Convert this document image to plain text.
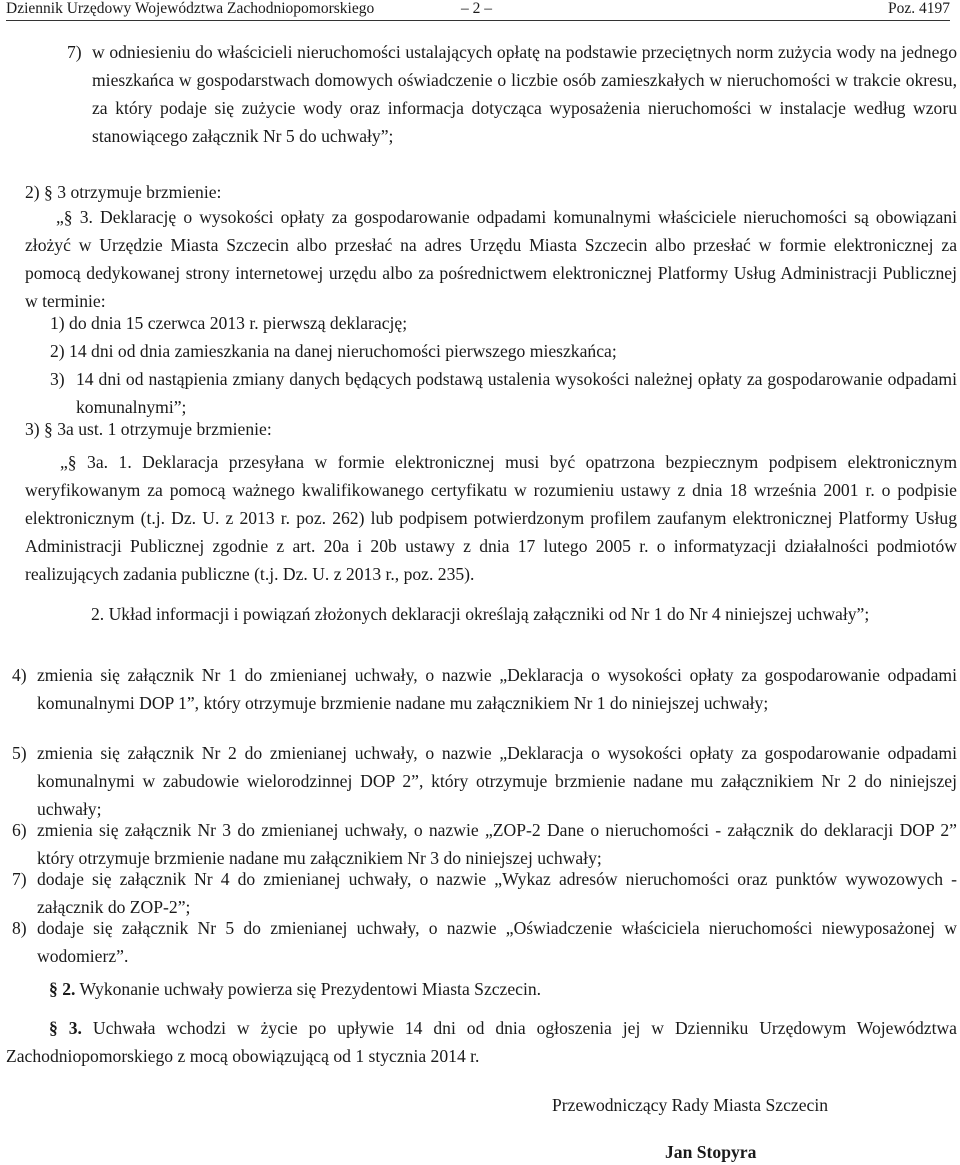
Dziennik Urzędowy Województwa Zachodniopomorskiego	– 2 –	Poz. 4197
7) w odniesieniu do właścicieli nieruchomości ustalających opłatę na podstawie przeciętnych norm zużycia wody na jednego mieszkańca w gospodarstwach domowych oświadczenie o liczbie osób zamieszkałych w nieruchomości w trakcie okresu, za który podaje się zużycie wody oraz informacja dotycząca wyposażenia nieruchomości w instalacje według wzoru stanowiącego załącznik Nr 5 do uchwały”;

2) § 3 otrzymuje brzmienie:

„§ 3. Deklarację o wysokości opłaty za gospodarowanie odpadami komunalnymi właściciele nieruchomości są obowiązani złożyć w Urzędzie Miasta Szczecin albo przesłać na adres Urzędu Miasta Szczecin albo przesłać w formie elektronicznej za pomocą dedykowanej strony internetowej urzędu albo za pośrednictwem elektronicznej Platformy Usług Administracji Publicznej w terminie:

1) do dnia 15 czerwca 2013 r. pierwszą deklarację;

2) 14 dni od dnia zamieszkania na danej nieruchomości pierwszego mieszkańca;

3) 14 dni od nastąpienia zmiany danych będących podstawą ustalenia wysokości należnej opłaty za gospodarowanie odpadami komunalnymi”;

3) § 3a ust. 1 otrzymuje brzmienie:

„§ 3a. 1. Deklaracja przesyłana w formie elektronicznej musi być opatrzona bezpiecznym podpisem elektronicznym weryfikowanym za pomocą ważnego kwalifikowanego certyfikatu w rozumieniu ustawy z dnia 18 września 2001 r. o podpisie elektronicznym (t.j. Dz. U. z 2013 r. poz. 262) lub podpisem potwierdzonym profilem zaufanym elektronicznej Platformy Usług Administracji Publicznej zgodnie z art. 20a i 20b ustawy z dnia 17 lutego 2005 r. o informatyzacji działalności podmiotów realizujących zadania publiczne (t.j. Dz. U. z 2013 r., poz. 235).

2. Układ informacji i powiązań złożonych deklaracji określają załączniki od Nr 1 do Nr 4 niniejszej uchwały”;

4) zmienia się załącznik Nr 1 do zmienianej uchwały, o nazwie „Deklaracja o wysokości opłaty za gospodarowanie odpadami komunalnymi DOP 1”, który otrzymuje brzmienie nadane mu załącznikiem Nr 1 do niniejszej uchwały;

5) zmienia się załącznik Nr 2 do zmienianej uchwały, o nazwie „Deklaracja o wysokości opłaty za gospodarowanie odpadami komunalnymi w zabudowie wielorodzinnej DOP 2”, który otrzymuje brzmienie nadane mu załącznikiem Nr 2 do niniejszej uchwały;

6) zmienia się załącznik Nr 3 do zmienianej uchwały, o nazwie „ZOP-2 Dane o nieruchomości - załącznik do deklaracji DOP 2” który otrzymuje brzmienie nadane mu załącznikiem Nr 3 do niniejszej uchwały;

7) dodaje się załącznik Nr 4 do zmienianej uchwały, o nazwie „Wykaz adresów nieruchomości oraz punktów wywozowych - załącznik do ZOP-2”;

8) dodaje się załącznik Nr 5 do zmienianej uchwały, o nazwie „Oświadczenie właściciela nieruchomości niewyposażonej w wodomierz”.

§ 2. Wykonanie uchwały powierza się Prezydentowi Miasta Szczecin.

§ 3. Uchwała wchodzi w życie po upływie 14 dni od dnia ogłoszenia jej w Dzienniku Urzędowym Województwa Zachodniopomorskiego z mocą obowiązującą od 1 stycznia 2014 r.

Przewodniczący Rady Miasta Szczecin
Jan Stopyra
